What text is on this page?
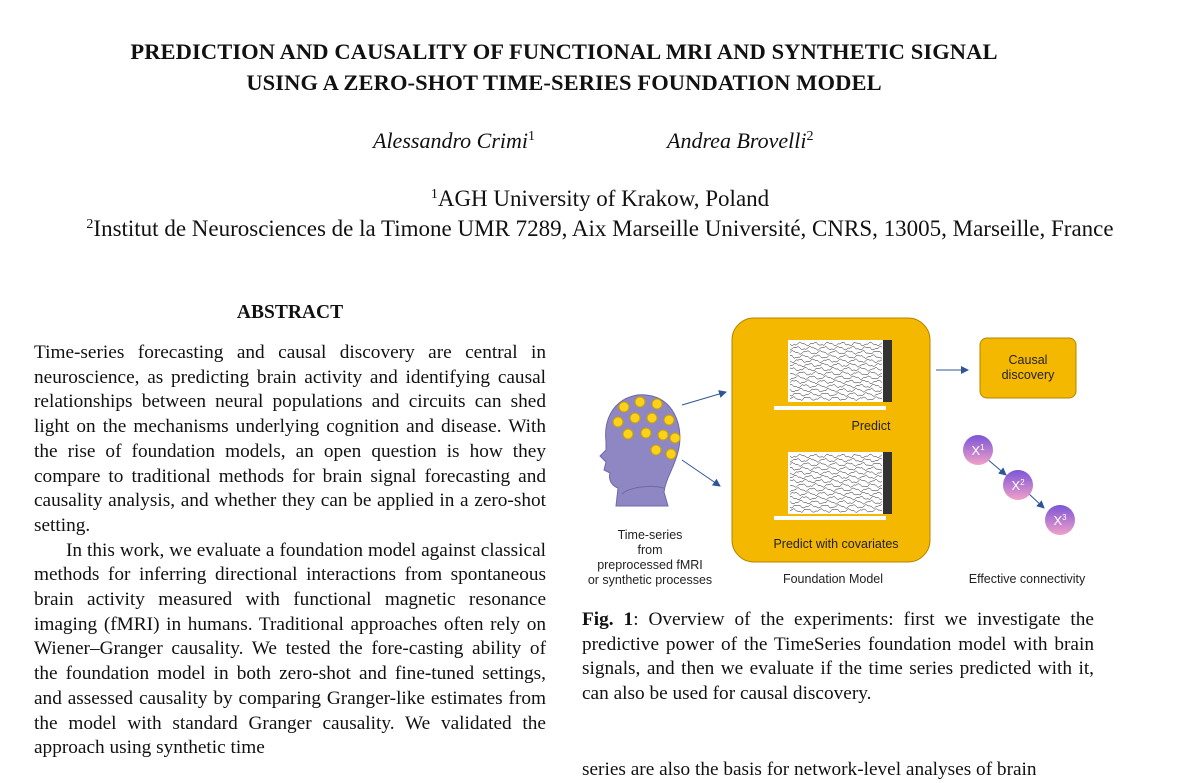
PREDICTION AND CAUSALITY OF FUNCTIONAL MRI AND SYNTHETIC SIGNAL
USING A ZERO-SHOT TIME-SERIES FOUNDATION MODEL
Alessandro Crimi$^1$	Andrea Brovelli$^2$
$^1$AGH University of Krakow, Poland
$^2$Institut de Neurosciences de la Timone UMR 7289, Aix Marseille Université, CNRS, 13005, Marseille, France
ABSTRACT

Time-series forecasting and causal discovery are central in neuroscience, as predicting brain activity and identifying causal relationships between neural populations and circuits can shed light on the mechanisms underlying cognition and disease. With the rise of foundation models, an open question is how they compare to traditional methods for brain signal forecasting and causality analysis, and whether they can be applied in a zero-shot setting.

In this work, we evaluate a foundation model against classical methods for inferring directional interactions from spontaneous brain activity measured with functional magnetic resonance imaging (fMRI) in humans. Traditional approaches often rely on Wiener–Granger causality. We tested the fore-casting ability of the foundation model in both zero-shot and fine-tuned settings, and assessed causality by comparing Granger-like estimates from the model with standard Granger causality. We validated the approach using synthetic time

$X^1$
$X^2$
$X^3$
Predict
Predict with covariates
Causal
discovery
Time-series
from
preprocessed fMRI
or synthetic processes	Foundation Model	Effective connectivity
Fig. 1: Overview of the experiments: first we investigate the predictive power of the TimeSeries foundation model with brain signals, and then we evaluate if the time series predicted with it, can also be used for causal discovery.
series are also the basis for network-level analyses of brain
